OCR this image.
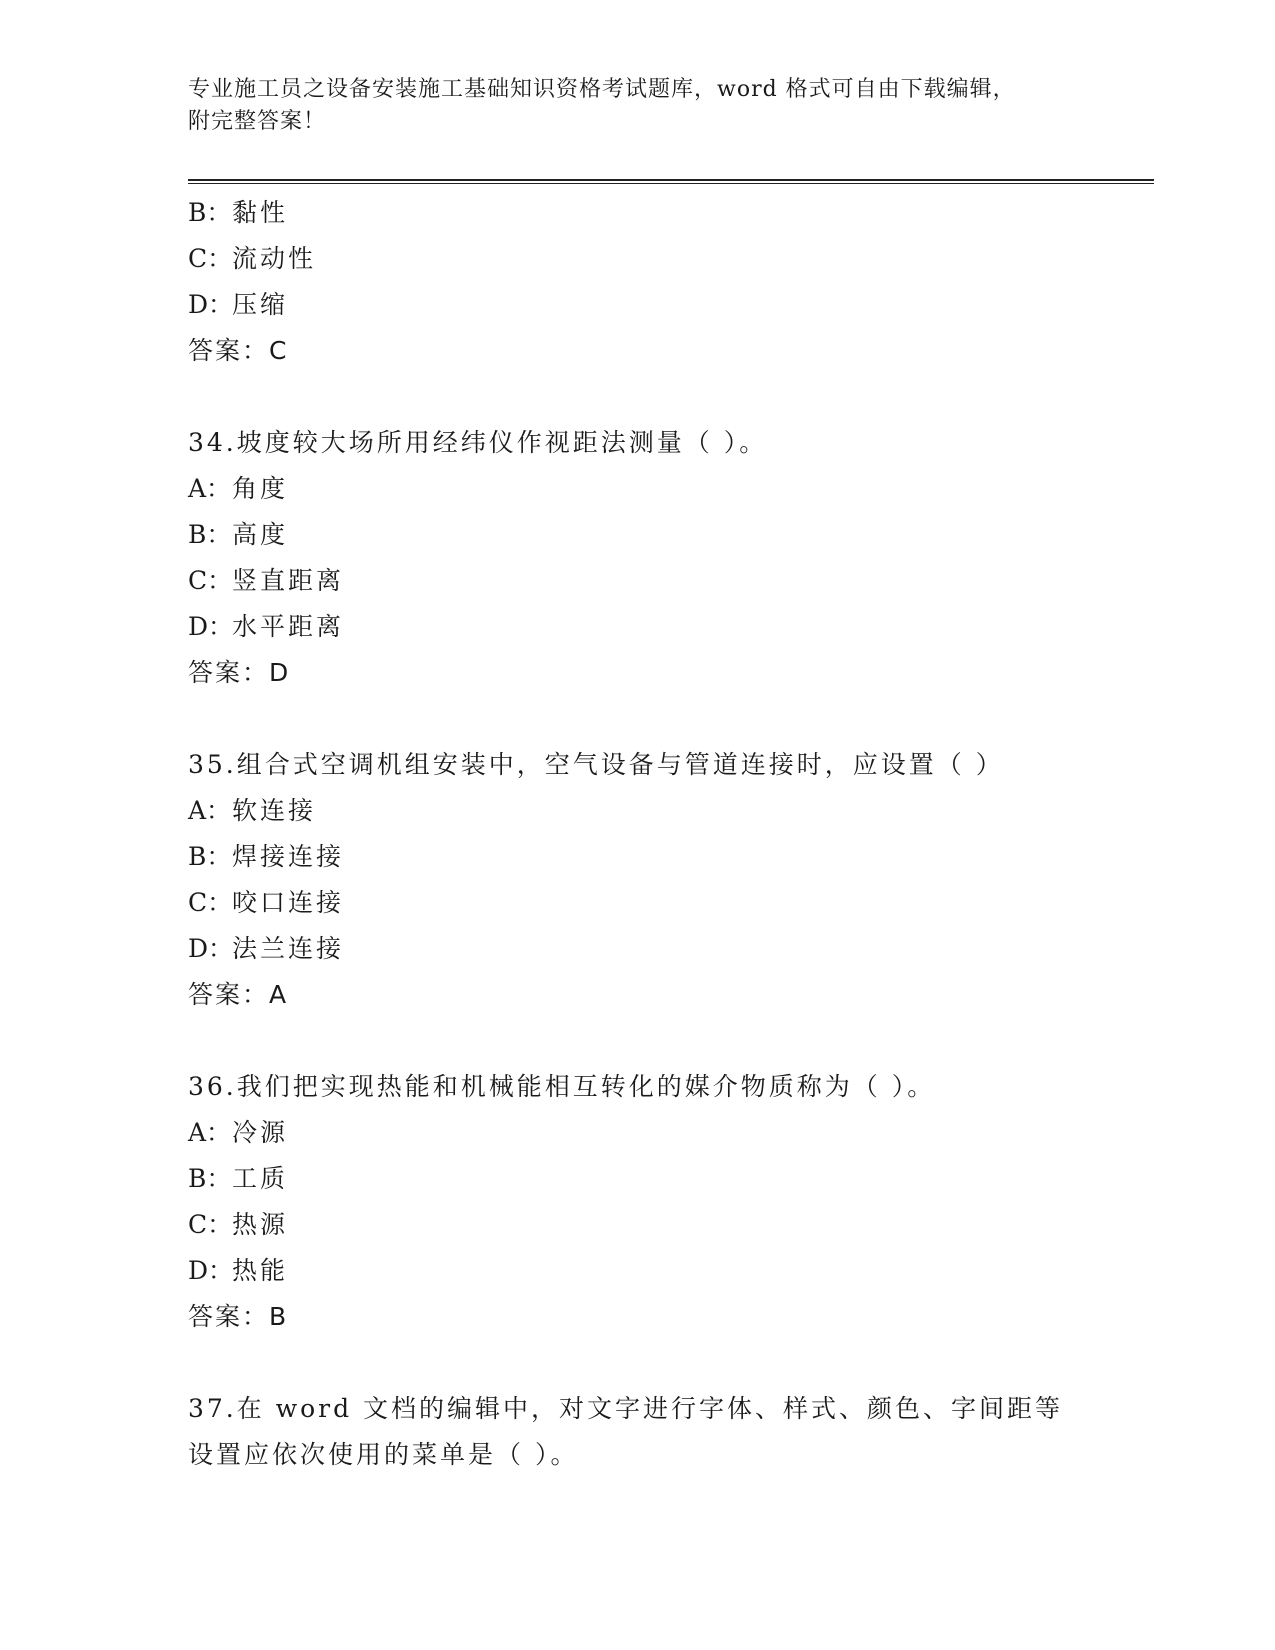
专业施工员之设备安装施工基础知识资格考试题库，word 格式可自由下载编辑，
附完整答案！
B：黏性
C：流动性
D：压缩
答案：C
34.坡度较大场所用经纬仪作视距法测量（ ）。
A：角度
B：高度
C：竖直距离
D：水平距离
答案：D
35.组合式空调机组安装中，空气设备与管道连接时，应设置（ ）
A：软连接
B：焊接连接
C：咬口连接
D：法兰连接
答案：A
36.我们把实现热能和机械能相互转化的媒介物质称为（ ）。
A：冷源
B：工质
C：热源
D：热能
答案：B
37.在 word 文档的编辑中，对文字进行字体、样式、颜色、字间距等
设置应依次使用的菜单是（ ）。
